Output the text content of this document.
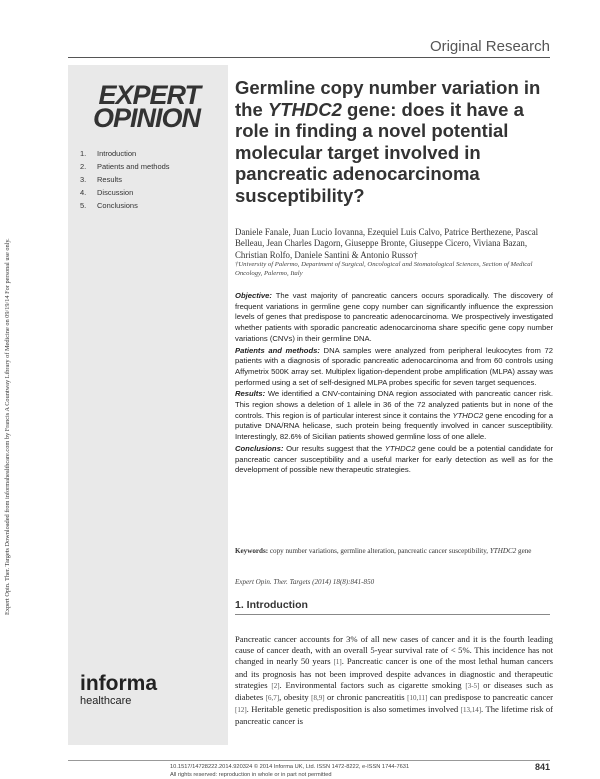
Expert Opin. Ther. Targets Downloaded from informahealthcare.com by Francis A Countway Library of Medicine on 09/19/14 For personal use only.
Original Research
EXPERT
OPINION
1. Introduction
2. Patients and methods
3. Results
4. Discussion
5. Conclusions
informa
healthcare
Germline copy number variation in the YTHDC2 gene: does it have a role in finding a novel potential molecular target involved in pancreatic adenocarcinoma susceptibility?
Daniele Fanale, Juan Lucio Iovanna, Ezequiel Luis Calvo, Patrice Berthezene, Pascal Belleau, Jean Charles Dagorn, Giuseppe Bronte, Giuseppe Cicero, Viviana Bazan, Christian Rolfo, Daniele Santini & Antonio Russo†
†University of Palermo, Department of Surgical, Oncological and Stomatological Sciences, Section of Medical Oncology, Palermo, Italy

Objective: The vast majority of pancreatic cancers occurs sporadically. The discovery of frequent variations in germline gene copy number can significantly influence the expression levels of genes that predispose to pancreatic adenocarcinoma. We prospectively investigated whether patients with sporadic pancreatic adenocarcinoma share specific gene copy number variations (CNVs) in their germline DNA.

Patients and methods: DNA samples were analyzed from peripheral leukocytes from 72 patients with a diagnosis of sporadic pancreatic adenocarcinoma and from 60 controls using Affymetrix 500K array set. Multiplex ligation-dependent probe amplification (MLPA) assay was performed using a set of self-designed MLPA probes specific for seven target sequences.

Results: We identified a CNV-containing DNA region associated with pancreatic cancer risk. This region shows a deletion of 1 allele in 36 of the 72 analyzed patients but in none of the controls. This region is of particular interest since it contains the YTHDC2 gene encoding for a putative DNA/RNA helicase, such protein being frequently involved in cancer susceptibility. Interestingly, 82.6% of Sicilian patients showed germline loss of one allele.

Conclusions: Our results suggest that the YTHDC2 gene could be a potential candidate for pancreatic cancer susceptibility and a useful marker for early detection as well as for the development of possible new therapeutic strategies.

Keywords: copy number variations, germline alteration, pancreatic cancer susceptibility, YTHDC2 gene
Expert Opin. Ther. Targets (2014) 18(8):841-850
1. Introduction
Pancreatic cancer accounts for 3% of all new cases of cancer and it is the fourth leading cause of cancer death, with an overall 5-year survival rate of < 5%. This incidence has not changed in nearly 50 years [1]. Pancreatic cancer is one of the most lethal human cancers and its prognosis has not been improved despite advances in diagnostic and therapeutic strategies [2]. Environmental factors such as cigarette smoking [3-5] or diseases such as diabetes [6,7], obesity [8,9] or chronic pancreatitis [10,11] can predispose to pancreatic cancer [12]. Heritable genetic predisposition is also sometimes involved [13,14]. The lifetime risk of pancreatic cancer is
10.1517/14728222.2014.920324 © 2014 Informa UK, Ltd. ISSN 1472-8222, e-ISSN 1744-7631
All rights reserved: reproduction in whole or in part not permitted
841
